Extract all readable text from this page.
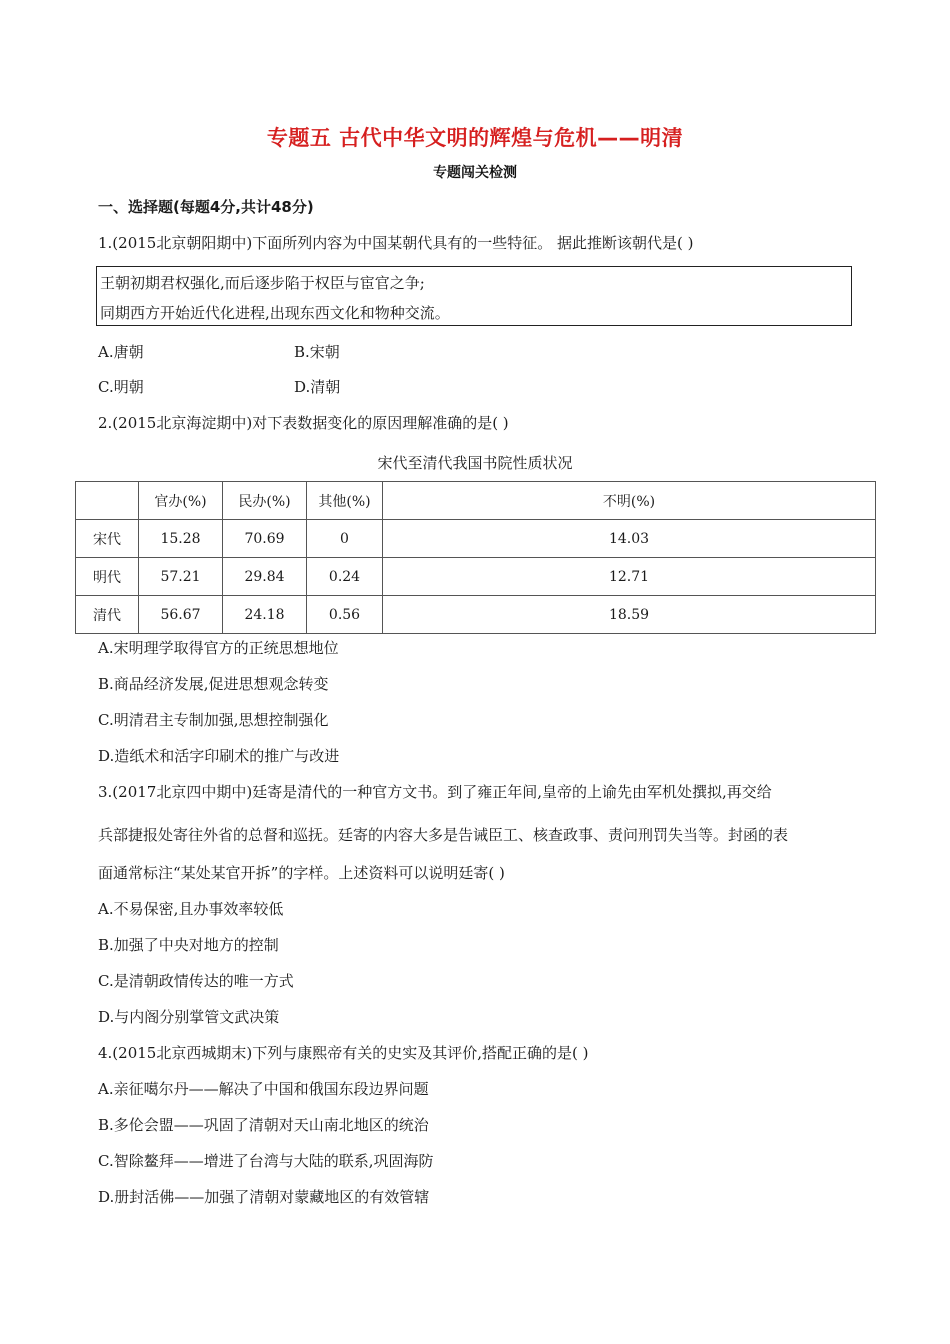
专题五 古代中华文明的辉煌与危机——明清
专题闯关检测
一、选择题(每题4分,共计48分)
1.(2015北京朝阳期中)下面所列内容为中国某朝代具有的一些特征。 据此推断该朝代是( )
王朝初期君权强化,而后逐步陷于权臣与宦官之争;
同期西方开始近代化进程,出现东西文化和物种交流。
A.唐朝	B.宋朝
C.明朝	D.清朝
2.(2015北京海淀期中)对下表数据变化的原因理解准确的是( )
宋代至清代我国书院性质状况
	官办(%)	民办(%)	其他(%)	不明(%)
宋代	15.28	70.69	0	14.03
明代	57.21	29.84	0.24	12.71
清代	56.67	24.18	0.56	18.59
A.宋明理学取得官方的正统思想地位
B.商品经济发展,促进思想观念转变
C.明清君主专制加强,思想控制强化
D.造纸术和活字印刷术的推广与改进
3.(2017北京四中期中)廷寄是清代的一种官方文书。到了雍正年间,皇帝的上谕先由军机处撰拟,再交给
兵部捷报处寄往外省的总督和巡抚。廷寄的内容大多是告诫臣工、核查政事、责问刑罚失当等。封函的表
面通常标注“某处某官开拆”的字样。上述资料可以说明廷寄( )
A.不易保密,且办事效率较低
B.加强了中央对地方的控制
C.是清朝政情传达的唯一方式
D.与内阁分别掌管文武决策
4.(2015北京西城期末)下列与康熙帝有关的史实及其评价,搭配正确的是( )
A.亲征噶尔丹——解决了中国和俄国东段边界问题
B.多伦会盟——巩固了清朝对天山南北地区的统治
C.智除鳌拜——增进了台湾与大陆的联系,巩固海防
D.册封活佛——加强了清朝对蒙藏地区的有效管辖
